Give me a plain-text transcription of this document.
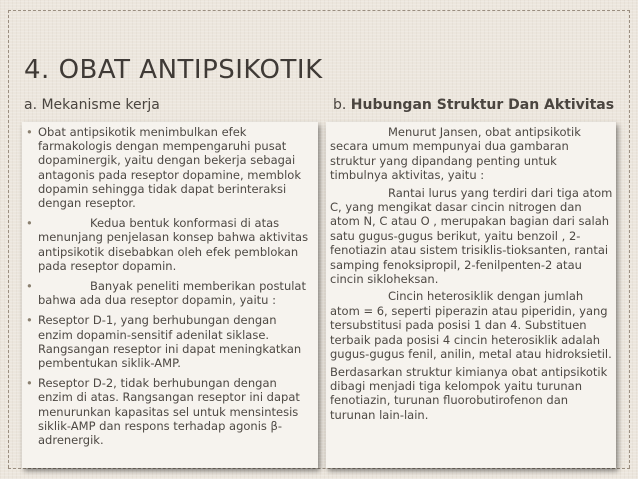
4. OBAT ANTIPSIKOTIK
a. Mekanisme kerja	b. Hubungan Struktur Dan Aktivitas
• Obat antipsikotik menimbulkan efek farmakologis dengan mempengaruhi pusat dopaminergik, yaitu dengan bekerja sebagai antagonis pada reseptor dopamine, memblok dopamin sehingga tidak dapat berinteraksi dengan reseptor.
•	Kedua bentuk konformasi di atas menunjang penjelasan konsep bahwa aktivitas antipsikotik disebabkan oleh efek pemblokan pada reseptor dopamin.
•	Banyak peneliti memberikan postulat bahwa ada dua reseptor dopamin, yaitu :
• Reseptor D-1, yang berhubungan dengan enzim dopamin-sensitif adenilat siklase. Rangsangan reseptor ini dapat meningkatkan pembentukan siklik-AMP.
• Reseptor D-2, tidak berhubungan dengan enzim di atas. Rangsangan reseptor ini dapat menurunkan kapasitas sel untuk mensintesis siklik-AMP dan respons terhadap agonis β-adrenergik.

Menurut Jansen, obat antipsikotik secara umum mempunyai dua gambaran struktur yang dipandang penting untuk timbulnya aktivitas, yaitu :

Rantai lurus yang terdiri dari tiga atom C, yang mengikat dasar cincin nitrogen dan atom N, C atau O , merupakan bagian dari salah satu gugus-gugus berikut, yaitu benzoil , 2-fenotiazin atau sistem trisiklis-tioksanten, rantai samping fenoksipropil, 2-fenilpenten-2 atau cincin sikloheksan.

Cincin heterosiklik dengan jumlah atom = 6, seperti piperazin atau piperidin, yang tersubstitusi pada posisi 1 dan 4. Substituen terbaik pada posisi 4 cincin heterosiklik adalah gugus-gugus fenil, anilin, metal atau hidroksietil.

Berdasarkan struktur kimianya obat antipsikotik dibagi menjadi tiga kelompok yaitu turunan fenotiazin, turunan fluorobutirofenon dan turunan lain-lain.
